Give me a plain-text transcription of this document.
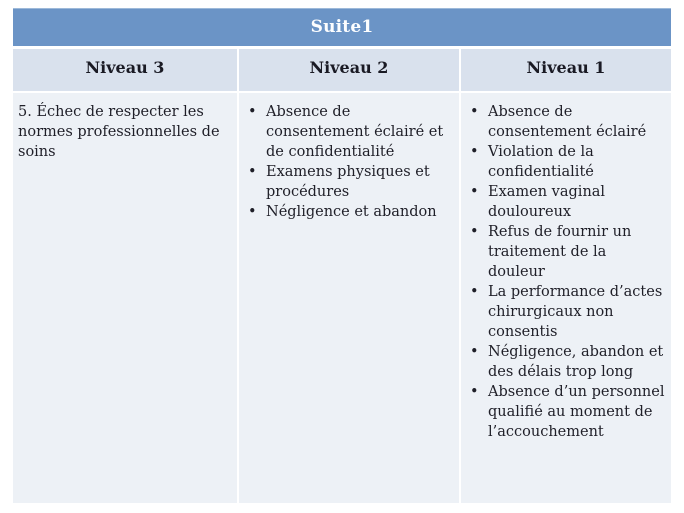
Suite1
Niveau 3	Niveau 2	Niveau 1
5. Échec de respecter les normes professionnelles de soins
• Absence de consentement éclairé et de confidentialité
• Examens physiques et procédures
• Négligence et abandon
• Absence de consentement éclairé
• Violation de la confidentialité
• Examen vaginal douloureux
• Refus de fournir un traitement de la douleur
• La performance d’actes chirurgicaux non consentis
• Négligence, abandon et des délais trop long
• Absence d’un personnel qualifié au moment de l’accouchement
